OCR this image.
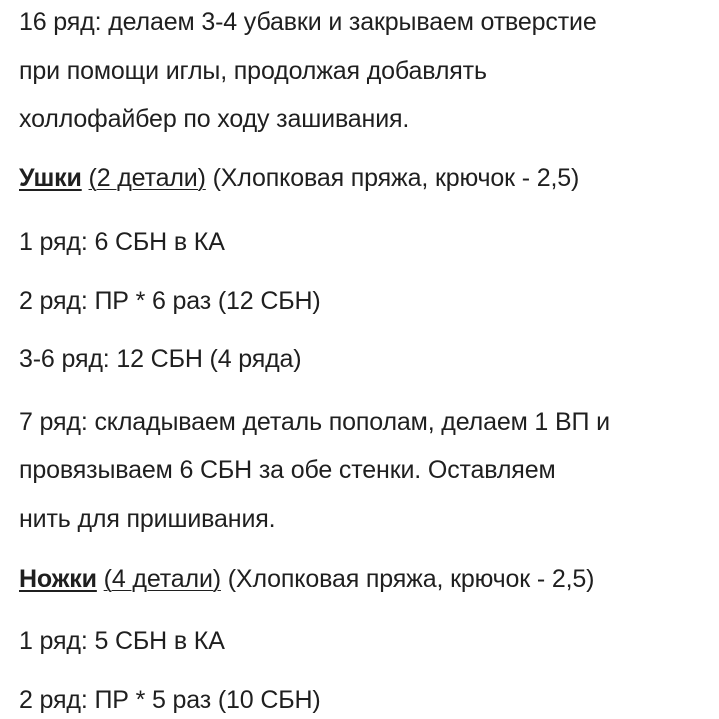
16 ряд: делаем 3-4 убавки и закрываем отверстие
при помощи иглы, продолжая добавлять
холлофайбер по ходу зашивания.
Ушки (2 детали) (Хлопковая пряжа, крючок - 2,5)
1 ряд: 6 СБН в КА
2 ряд: ПР * 6 раз (12 СБН)
3-6 ряд: 12 СБН (4 ряда)
7 ряд: складываем деталь пополам, делаем 1 ВП и
провязываем 6 СБН за обе стенки. Оставляем
нить для пришивания.
Ножки (4 детали) (Хлопковая пряжа, крючок - 2,5)
1 ряд: 5 СБН в КА
2 ряд: ПР * 5 раз (10 СБН)
